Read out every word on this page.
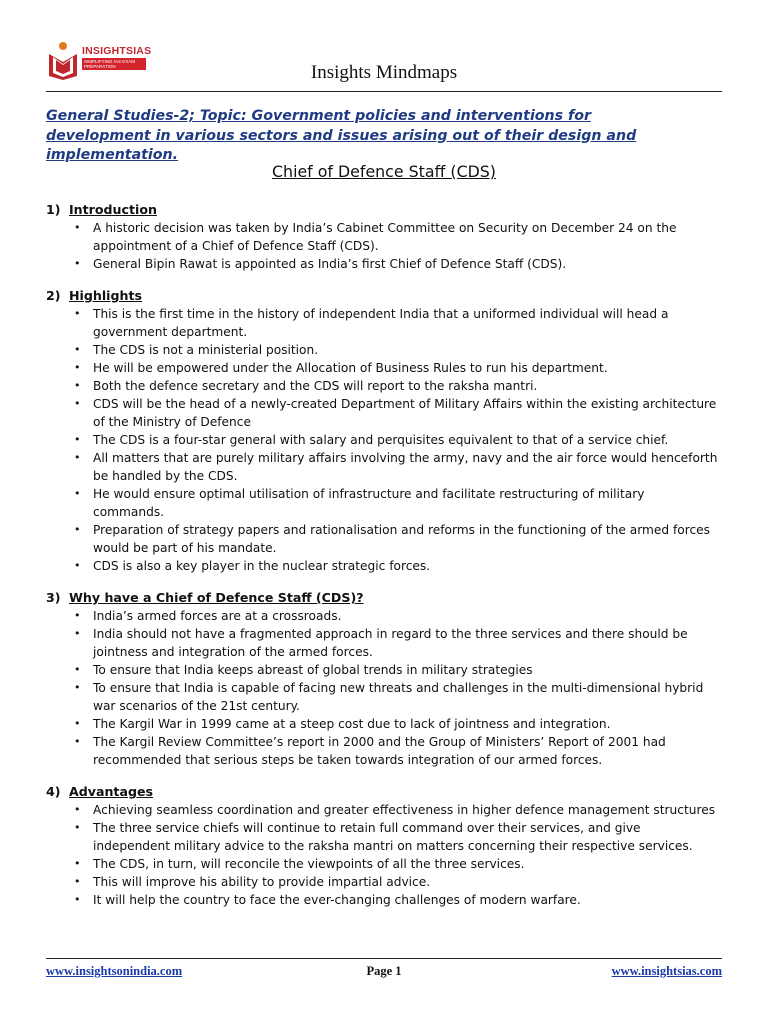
INSIGHTSIAS
SIMPLIFYING IAS EXAM PREPARATION	Insights Mindmaps
General Studies-2; Topic: Government policies and interventions for development in various sectors and issues arising out of their design and implementation.
Chief of Defence Staff (CDS)
1) Introduction
• A historic decision was taken by India’s Cabinet Committee on Security on December 24 on the appointment of a Chief of Defence Staff (CDS).
• General Bipin Rawat is appointed as India’s first Chief of Defence Staff (CDS).
2) Highlights
• This is the first time in the history of independent India that a uniformed individual will head a government department.
• The CDS is not a ministerial position.
• He will be empowered under the Allocation of Business Rules to run his department.
• Both the defence secretary and the CDS will report to the raksha mantri.
• CDS will be the head of a newly-created Department of Military Affairs within the existing architecture of the Ministry of Defence
• The CDS is a four-star general with salary and perquisites equivalent to that of a service chief.
• All matters that are purely military affairs involving the army, navy and the air force would henceforth be handled by the CDS.
• He would ensure optimal utilisation of infrastructure and facilitate restructuring of military commands.
• Preparation of strategy papers and rationalisation and reforms in the functioning of the armed forces would be part of his mandate.
• CDS is also a key player in the nuclear strategic forces.
3) Why have a Chief of Defence Staff (CDS)?
• India’s armed forces are at a crossroads.
• India should not have a fragmented approach in regard to the three services and there should be jointness and integration of the armed forces.
• To ensure that India keeps abreast of global trends in military strategies
• To ensure that India is capable of facing new threats and challenges in the multi-dimensional hybrid war scenarios of the 21st century.
• The Kargil War in 1999 came at a steep cost due to lack of jointness and integration.
• The Kargil Review Committee’s report in 2000 and the Group of Ministers’ Report of 2001 had recommended that serious steps be taken towards integration of our armed forces.
4) Advantages
• Achieving seamless coordination and greater effectiveness in higher defence management structures
• The three service chiefs will continue to retain full command over their services, and give independent military advice to the raksha mantri on matters concerning their respective services.
• The CDS, in turn, will reconcile the viewpoints of all the three services.
• This will improve his ability to provide impartial advice.
• It will help the country to face the ever-changing challenges of modern warfare.
www.insightsonindia.com	Page 1	www.insightsias.com
